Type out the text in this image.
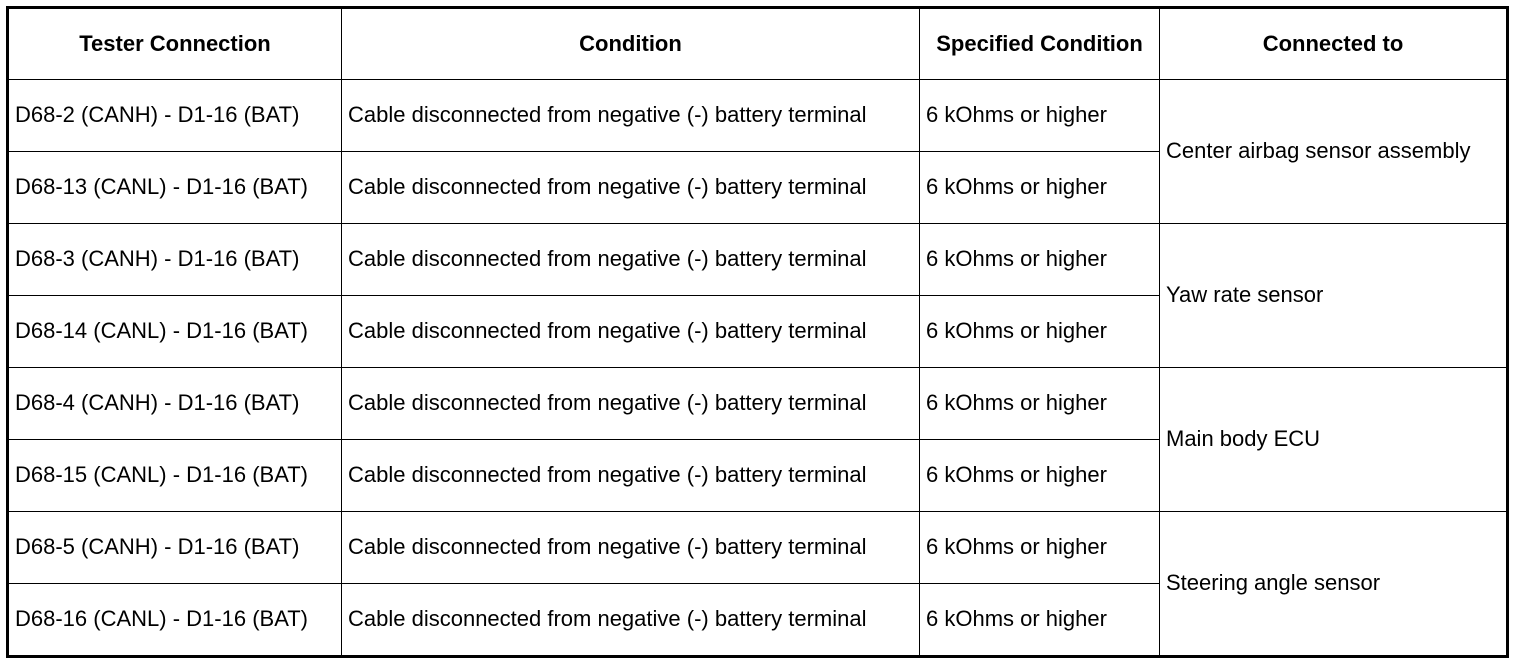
Tester Connection	Condition	Specified Condition	Connected to
D68-2 (CANH) - D1-16 (BAT)	Cable disconnected from negative (-) battery terminal	6 kOhms or higher	Center airbag sensor assembly
D68-13 (CANL) - D1-16 (BAT)	Cable disconnected from negative (-) battery terminal	6 kOhms or higher	
D68-3 (CANH) - D1-16 (BAT)	Cable disconnected from negative (-) battery terminal	6 kOhms or higher	Yaw rate sensor
D68-14 (CANL) - D1-16 (BAT)	Cable disconnected from negative (-) battery terminal	6 kOhms or higher	
D68-4 (CANH) - D1-16 (BAT)	Cable disconnected from negative (-) battery terminal	6 kOhms or higher	Main body ECU
D68-15 (CANL) - D1-16 (BAT)	Cable disconnected from negative (-) battery terminal	6 kOhms or higher	
D68-5 (CANH) - D1-16 (BAT)	Cable disconnected from negative (-) battery terminal	6 kOhms or higher	Steering angle sensor
D68-16 (CANL) - D1-16 (BAT)	Cable disconnected from negative (-) battery terminal	6 kOhms or higher	
